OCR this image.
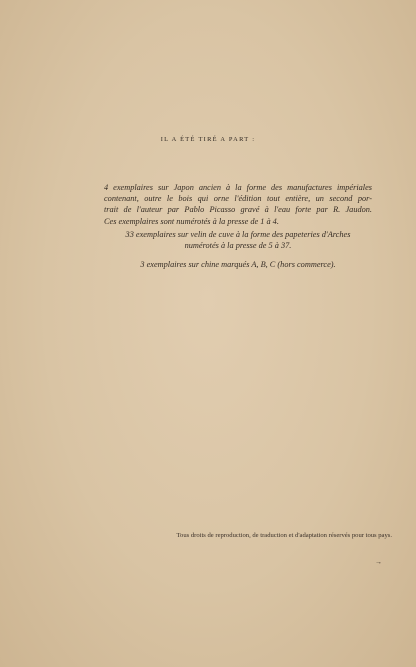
IL A ÉTÉ TIRÉ A PART :
4 exemplaires sur Japon ancien à la forme des manufactures impériales
contenant, outre le bois qui orne l'édition tout entière, un second por-
trait de l'auteur par Pablo Picasso gravé à l'eau forte par R. Jaudon.
Ces exemplaires sont numérotés à la presse de 1 à 4.
33 exemplaires sur velin de cuve à la forme des papeteries d'Arches
numérotés à la presse de 5 à 37.
3 exemplaires sur chine marqués A, B, C (hors commerce).
Tous droits de reproduction, de traduction et d'adaptation réservés pour tous pays.
→
